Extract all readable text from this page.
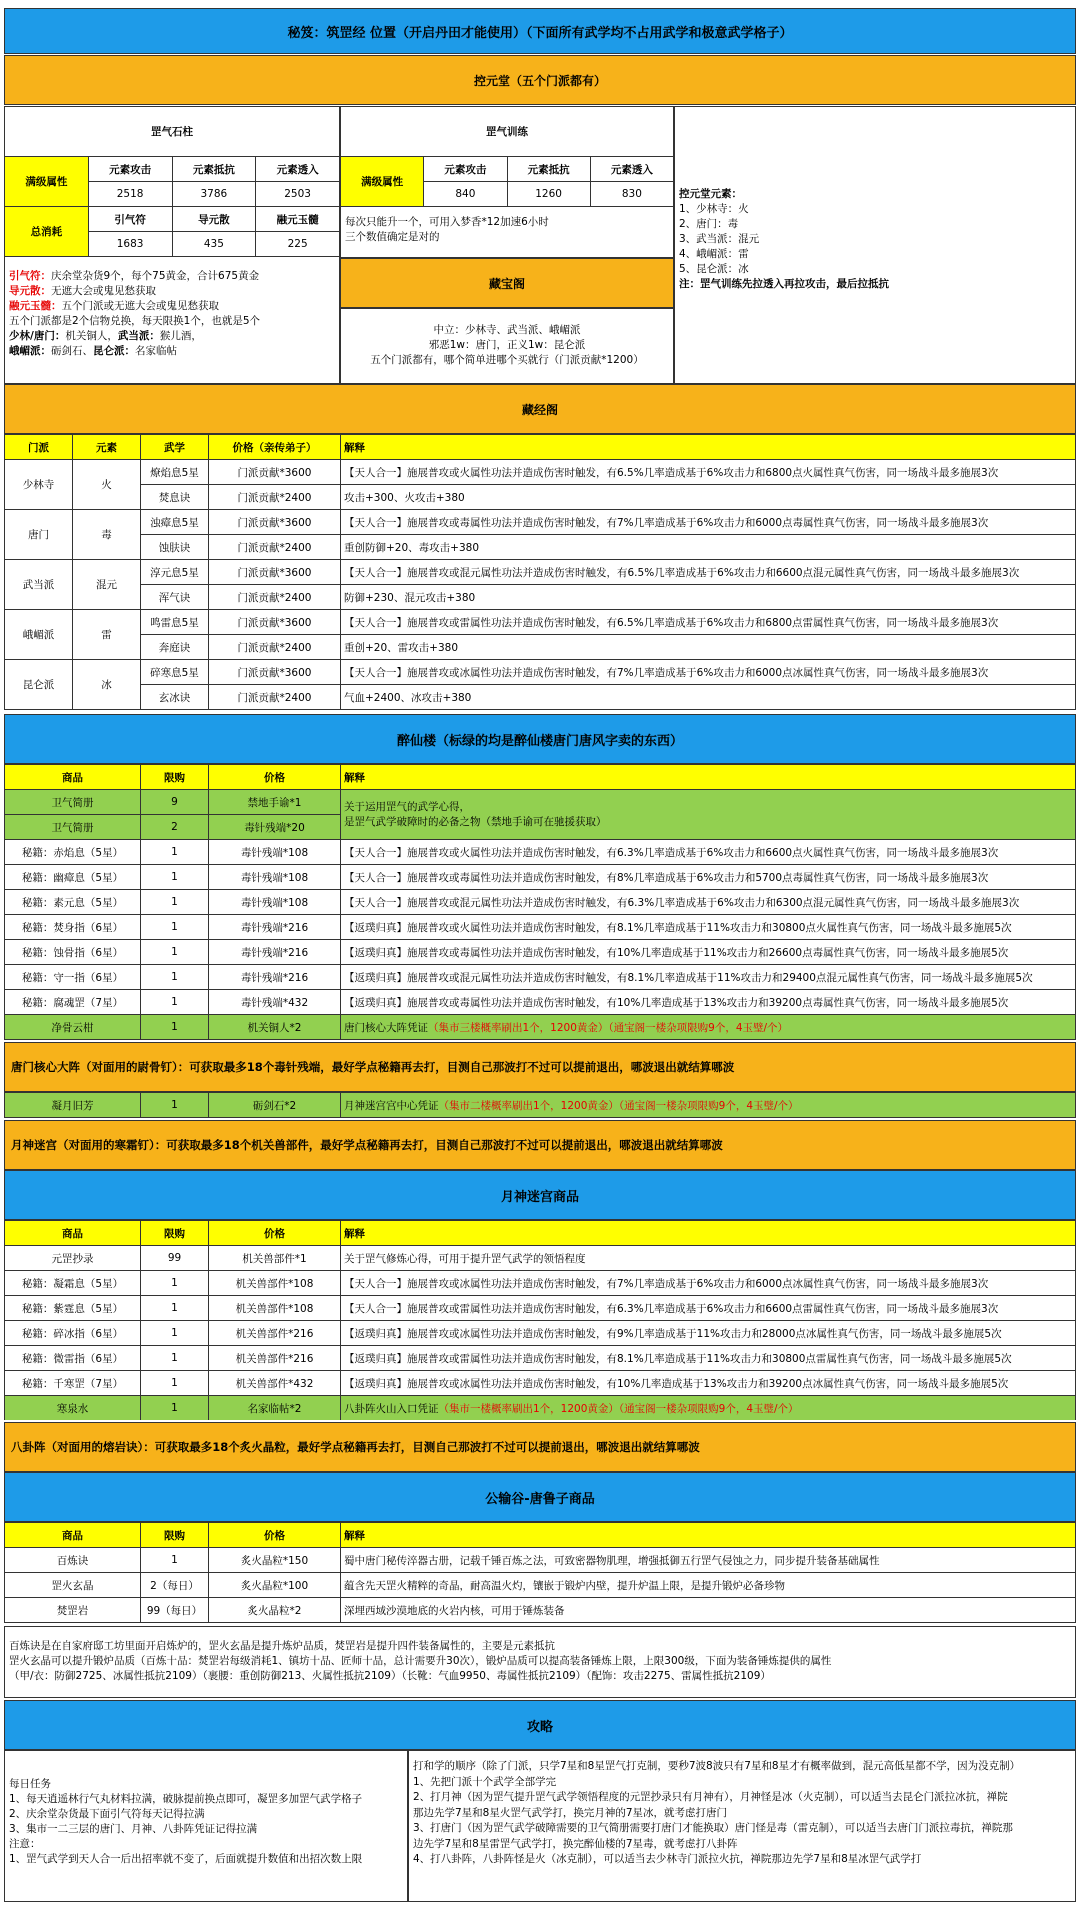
秘笈：筑罡经 位置（开启丹田才能使用）（下面所有武学均不占用武学和极意武学格子）
控元堂（五个门派都有）
罡气石柱			
满级属性	元素攻击	元素抵抗	元素透入
	2518	3786	2503
总消耗	引气符	导元散	融元玉髓
	1683	435	225
引气符：庆余堂杂货9个，每个75黄金，合计675黄金
导元散：无遮大会或鬼见愁获取
融元玉髓：五个门派或无遮大会或鬼见愁获取
五个门派都是2个信物兑换，每天限换1个，也就是5个
少林/唐门：机关铜人，武当派：猴儿酒，
峨嵋派：砺剑石、昆仑派：名家临帖
罡气训练			
满级属性	元素攻击	元素抵抗	元素透入
	840	1260	830
每次只能升一个，可用入梦香*12加速6小时
三个数值确定是对的
藏宝阁
中立：少林寺、武当派、峨嵋派
邪恶1w：唐门，正义1w：昆仑派
五个门派都有，哪个简单进哪个买就行（门派贡献*1200）
控元堂元素：
1、少林寺：火
2、唐门：毒
3、武当派：混元
4、峨嵋派：雷
5、昆仑派：冰
注：罡气训练先拉透入再拉攻击，最后拉抵抗
藏经阁
门派	元素	武学	价格（亲传弟子）	解释
少林寺	火	燎焰息5星	门派贡献*3600	【天人合一】施展普攻或火属性功法并造成伤害时触发，有6.5%几率造成基于6%攻击力和6800点火属性真气伤害，同一场战斗最多施展3次
		焚息诀	门派贡献*2400	攻击+300、火攻击+380
唐门	毒	浊瘴息5星	门派贡献*3600	【天人合一】施展普攻或毒属性功法并造成伤害时触发，有7%几率造成基于6%攻击力和6000点毒属性真气伤害，同一场战斗最多施展3次
		蚀肤诀	门派贡献*2400	重创防御+20、毒攻击+380
武当派	混元	淳元息5星	门派贡献*3600	【天人合一】施展普攻或混元属性功法并造成伤害时触发，有6.5%几率造成基于6%攻击力和6600点混元属性真气伤害，同一场战斗最多施展3次
		浑气诀	门派贡献*2400	防御+230、混元攻击+380
峨嵋派	雷	鸣雷息5星	门派贡献*3600	【天人合一】施展普攻或雷属性功法并造成伤害时触发，有6.5%几率造成基于6%攻击力和6800点雷属性真气伤害，同一场战斗最多施展3次
		奔庭诀	门派贡献*2400	重创+20、雷攻击+380
昆仑派	冰	碎寒息5星	门派贡献*3600	【天人合一】施展普攻或冰属性功法并造成伤害时触发，有7%几率造成基于6%攻击力和6000点冰属性真气伤害，同一场战斗最多施展3次
		玄冰诀	门派贡献*2400	气血+2400、冰攻击+380
醉仙楼（标绿的均是醉仙楼唐门唐风字卖的东西）
商品	限购	价格	解释
卫气简册	9	禁地手谕*1	关于运用罡气的武学心得，
是罡气武学破障时的必备之物（禁地手谕可在驰援获取）

卫气简册	2	毒针残端*20	
秘籍：赤焰息（5星）	1	毒针残端*108	【天人合一】施展普攻或火属性功法并造成伤害时触发，有6.3%几率造成基于6%攻击力和6600点火属性真气伤害，同一场战斗最多施展3次
秘籍：幽瘴息（5星）	1	毒针残端*108	【天人合一】施展普攻或毒属性功法并造成伤害时触发，有8%几率造成基于6%攻击力和5700点毒属性真气伤害，同一场战斗最多施展3次
秘籍：素元息（5星）	1	毒针残端*108	【天人合一】施展普攻或混元属性功法并造成伤害时触发，有6.3%几率造成基于6%攻击力和6300点混元属性真气伤害，同一场战斗最多施展3次
秘籍：焚身指（6星）	1	毒针残端*216	【返璞归真】施展普攻或火属性功法并造成伤害时触发，有8.1%几率造成基于11%攻击力和30800点火属性真气伤害，同一场战斗最多施展5次
秘籍：蚀骨指（6星）	1	毒针残端*216	【返璞归真】施展普攻或毒属性功法并造成伤害时触发，有10%几率造成基于11%攻击力和26600点毒属性真气伤害，同一场战斗最多施展5次
秘籍：守一指（6星）	1	毒针残端*216	【返璞归真】施展普攻或混元属性功法并造成伤害时触发，有8.1%几率造成基于11%攻击力和29400点混元属性真气伤害，同一场战斗最多施展5次
秘籍：腐魂罡（7星）	1	毒针残端*432	【返璞归真】施展普攻或毒属性功法并造成伤害时触发，有10%几率造成基于13%攻击力和39200点毒属性真气伤害，同一场战斗最多施展5次
净骨云柑	1	机关铜人*2	唐门核心大阵凭证（集市三楼概率刷出1个，1200黄金）（通宝阁一楼杂项限购9个，4玉璧/个）
唐门核心大阵（对面用的尉骨钉）：可获取最多18个毒针残端，最好学点秘籍再去打，目测自己那波打不过可以提前退出，哪波退出就结算哪波
凝月旧芳	1	砺剑石*2	月神迷宫宫中心凭证（集市二楼概率刷出1个，1200黄金）（通宝阁一楼杂项限购9个，4玉璧/个）
月神迷宫（对面用的寒霜钉）：可获取最多18个机关兽部件，最好学点秘籍再去打，目测自己那波打不过可以提前退出，哪波退出就结算哪波
月神迷宫商品
商品	限购	价格	解释
元罡抄录	99	机关兽部件*1	关于罡气修炼心得，可用于提升罡气武学的领悟程度
秘籍：凝霜息（5星）	1	机关兽部件*108	【天人合一】施展普攻或冰属性功法并造成伤害时触发，有7%几率造成基于6%攻击力和6000点冰属性真气伤害，同一场战斗最多施展3次
秘籍：紫霆息（5星）	1	机关兽部件*108	【天人合一】施展普攻或雷属性功法并造成伤害时触发，有6.3%几率造成基于6%攻击力和6600点雷属性真气伤害，同一场战斗最多施展3次
秘籍：碎冰指（6星）	1	机关兽部件*216	【返璞归真】施展普攻或冰属性功法并造成伤害时触发，有9%几率造成基于11%攻击力和28000点冰属性真气伤害，同一场战斗最多施展5次
秘籍：微雷指（6星）	1	机关兽部件*216	【返璞归真】施展普攻或雷属性功法并造成伤害时触发，有8.1%几率造成基于11%攻击力和30800点雷属性真气伤害，同一场战斗最多施展5次
秘籍：千寒罡（7星）	1	机关兽部件*432	【返璞归真】施展普攻或冰属性功法并造成伤害时触发，有10%几率造成基于13%攻击力和39200点冰属性真气伤害，同一场战斗最多施展5次
寒泉水	1	名家临帖*2	八卦阵火山入口凭证（集市一楼概率刷出1个，1200黄金）（通宝阁一楼杂项限购9个，4玉璧/个）
八卦阵（对面用的熔岩诀）：可获取最多18个炙火晶粒，最好学点秘籍再去打，目测自己那波打不过可以提前退出，哪波退出就结算哪波
公输谷-唐鲁子商品
商品	限购	价格	解释
百炼诀	1	炙火晶粒*150	蜀中唐门秘传淬器古册，记载千锤百炼之法，可致密器物肌理，增强抵御五行罡气侵蚀之力，同步提升装备基础属性
罡火玄晶	2（每日）	炙火晶粒*100	蕴含先天罡火精粹的奇晶，耐高温火灼，镶嵌于锻炉内壁，提升炉温上限，是提升锻炉必备珍物
焚罡岩	99（每日）	炙火晶粒*2	深埋西域沙漠地底的火岩内核，可用于锤炼装备
百炼诀是在自家府邸工坊里面开启炼炉的，罡火玄晶是提升炼炉品质，焚罡岩是提升四件装备属性的，主要是元素抵抗
罡火玄晶可以提升锻炉品质（百炼十品：焚罡岩每级消耗1、镇坊十品、匠师十品，总计需要升30次），锻炉品质可以提高装备锤炼上限，上限300级，下面为装备锤炼提供的属性
（甲/衣：防御2725、冰属性抵抗2109）（裹腰：重创防御213、火属性抵抗2109）（长靴：气血9950、毒属性抵抗2109）（配饰：攻击2275、雷属性抵抗2109）
攻略
每日任务
1、每天逍遥林行气丸材料拉满，破脉提前换点即可，凝罡多加罡气武学格子
2、庆余堂杂货最下面引气符每天记得拉满
3、集市一二三层的唐门、月神、八卦阵凭证记得拉满
注意：
1、罡气武学到天人合一后出招率就不变了，后面就提升数值和出招次数上限
打和学的顺序（除了门派，只学7星和8星罡气打克制，要秒7波8波只有7星和8星才有概率做到，混元高低星都不学，因为没克制）
1、先把门派十个武学全部学完
2、打月神（因为罡气提升罡气武学领悟程度的元罡抄录只有月神有），月神怪是冰（火克制），可以适当去昆仑门派拉冰抗，禅院
那边先学7星和8星火罡气武学打，换完月神的7星冰，就考虑打唐门
3、打唐门（因为罡气武学破障需要的卫气简册需要打唐门才能换取）唐门怪是毒（雷克制），可以适当去唐门门派拉毒抗，禅院那
边先学7星和8星雷罡气武学打，换完醉仙楼的7星毒，就考虑打八卦阵
4、打八卦阵，八卦阵怪是火（冰克制），可以适当去少林寺门派拉火抗，禅院那边先学7星和8星冰罡气武学打
